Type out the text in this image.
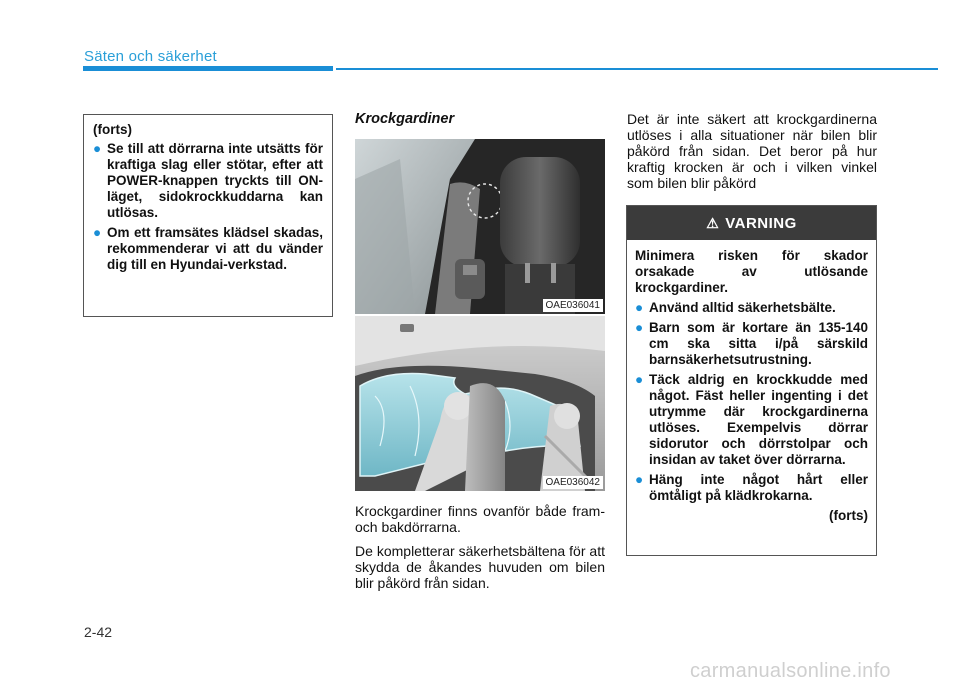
Säten och säkerhet
(forts)
● Se till att dörrarna inte utsätts för kraftiga slag eller stötar, efter att POWER-knappen tryckts till ON-läget, sidokrockkuddarna kan utlösas.
● Om ett framsätes klädsel skadas, rekommenderar vi att du vänder dig till en Hyundai-verkstad.
Krockgardiner
OAE036041
OAE036042
Krockgardiner finns ovanför både fram- och bakdörrarna.
De kompletterar säkerhetsbältena för att skydda de åkandes huvuden om bilen blir påkörd från sidan.
Det är inte säkert att krockgardinerna utlöses i alla situationer när bilen blir påkörd från sidan. Det beror på hur kraftig krocken är och i vilken vinkel som bilen blir påkörd
⚠ VARNING
Minimera risken för skador orsakade av utlösande krockgardiner.
● Använd alltid säkerhetsbälte.
● Barn som är kortare än 135-140 cm ska sitta i/på särskild barnsäkerhetsutrustning.
● Täck aldrig en krockkudde med något. Fäst heller ingenting i det utrymme där krockgardinerna utlöses. Exempelvis dörrar sidorutor och dörrstolpar och insidan av taket över dörrarna.
● Häng inte något hårt eller ömtåligt på klädkrokarna.
(forts)
2-42
carmanualsonline.info
